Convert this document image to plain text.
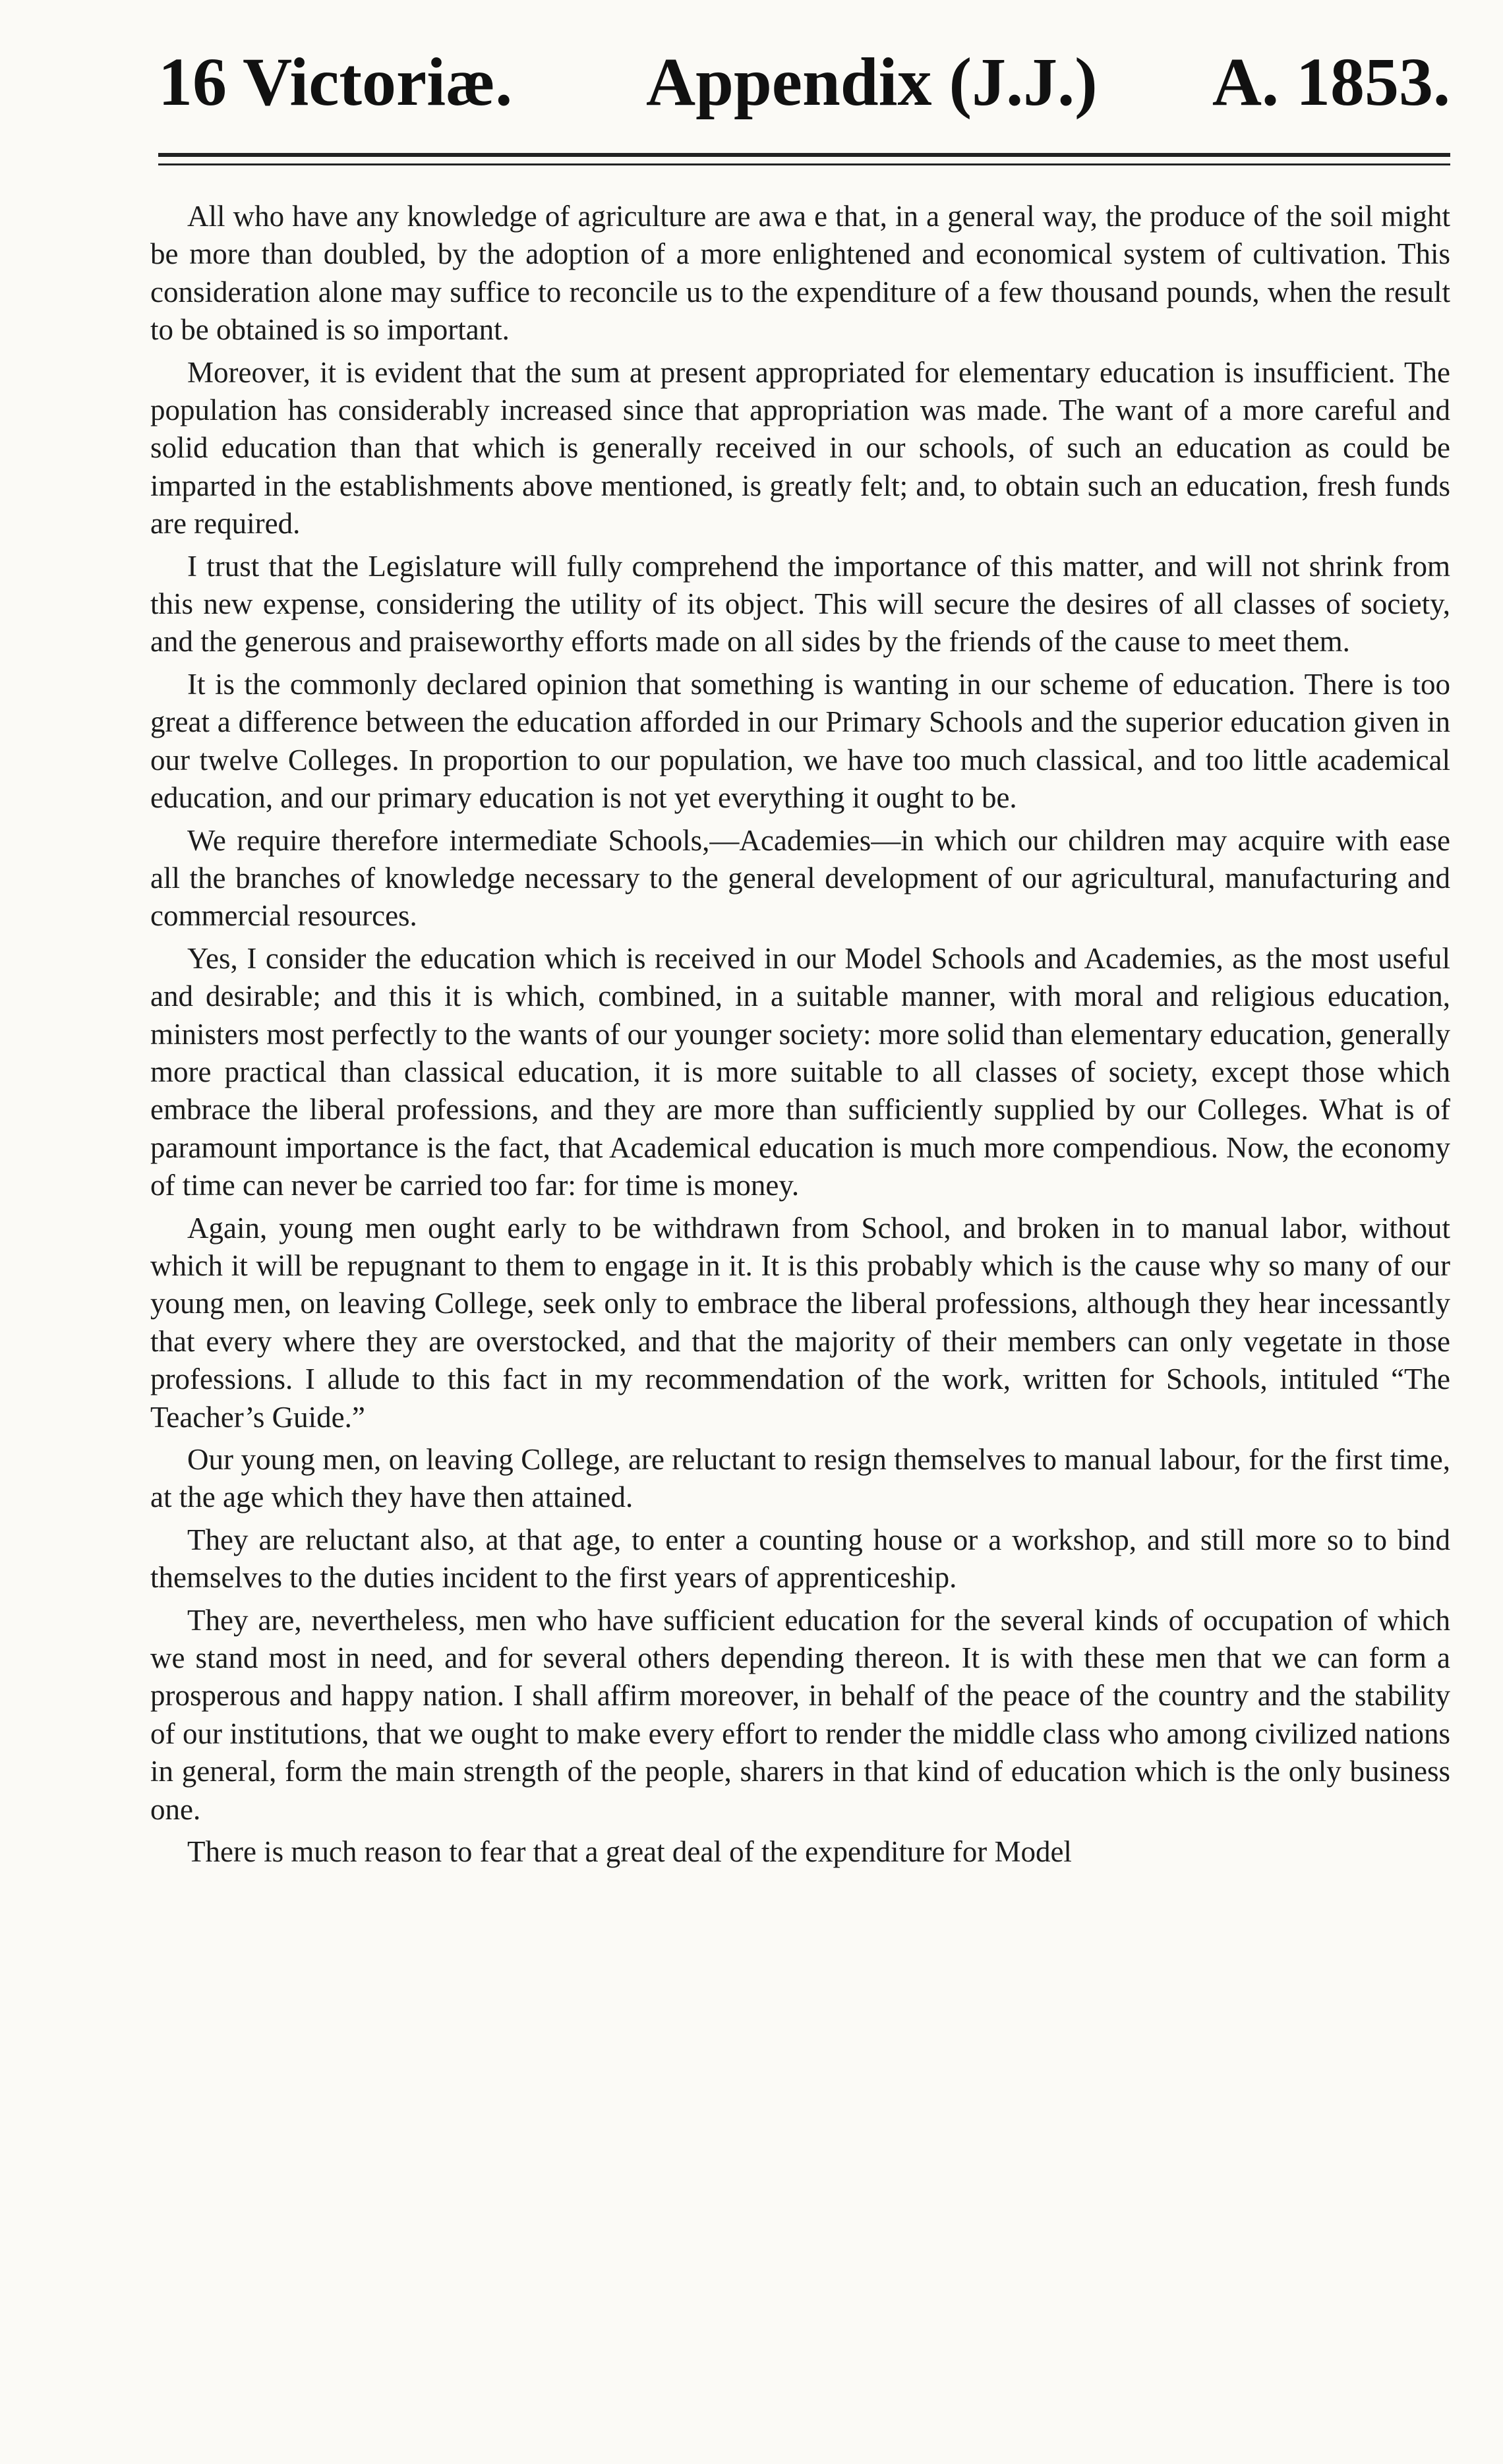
16 Victoriæ. Appendix (J.J.) A. 1853.

All who have any knowledge of agriculture are awa e that, in a general way, the produce of the soil might be more than doubled, by the adoption of a more enlightened and economical system of cultivation. This consideration alone may suffice to reconcile us to the expenditure of a few thousand pounds, when the result to be obtained is so important.

Moreover, it is evident that the sum at present appropriated for elementary education is insufficient. The population has considerably increased since that appropriation was made. The want of a more careful and solid education than that which is generally received in our schools, of such an education as could be imparted in the establishments above mentioned, is greatly felt; and, to obtain such an education, fresh funds are required.

I trust that the Legislature will fully comprehend the importance of this matter, and will not shrink from this new expense, considering the utility of its object. This will secure the desires of all classes of society, and the generous and praiseworthy efforts made on all sides by the friends of the cause to meet them.

It is the commonly declared opinion that something is wanting in our scheme of education. There is too great a difference between the education afforded in our Primary Schools and the superior education given in our twelve Colleges. In proportion to our population, we have too much classical, and too little academical education, and our primary education is not yet everything it ought to be.

We require therefore intermediate Schools,—Academies—in which our children may acquire with ease all the branches of knowledge necessary to the general development of our agricultural, manufacturing and commercial resources.

Yes, I consider the education which is received in our Model Schools and Academies, as the most useful and desirable; and this it is which, combined, in a suitable manner, with moral and religious education, ministers most perfectly to the wants of our younger society: more solid than elementary education, generally more practical than classical education, it is more suitable to all classes of society, except those which embrace the liberal professions, and they are more than sufficiently supplied by our Colleges. What is of paramount importance is the fact, that Academical education is much more compendious. Now, the economy of time can never be carried too far: for time is money.

Again, young men ought early to be withdrawn from School, and broken in to manual labor, without which it will be repugnant to them to engage in it. It is this probably which is the cause why so many of our young men, on leaving College, seek only to embrace the liberal professions, although they hear incessantly that every where they are overstocked, and that the majority of their members can only vegetate in those professions. I allude to this fact in my recommendation of the work, written for Schools, intituled “The Teacher’s Guide.”

Our young men, on leaving College, are reluctant to resign themselves to manual labour, for the first time, at the age which they have then attained.

They are reluctant also, at that age, to enter a counting house or a workshop, and still more so to bind themselves to the duties incident to the first years of apprenticeship.

They are, nevertheless, men who have sufficient education for the several kinds of occupation of which we stand most in need, and for several others depending thereon. It is with these men that we can form a prosperous and happy nation. I shall affirm moreover, in behalf of the peace of the country and the stability of our institutions, that we ought to make every effort to render the middle class who among civilized nations in general, form the main strength of the people, sharers in that kind of education which is the only business one.

There is much reason to fear that a great deal of the expenditure for Model
